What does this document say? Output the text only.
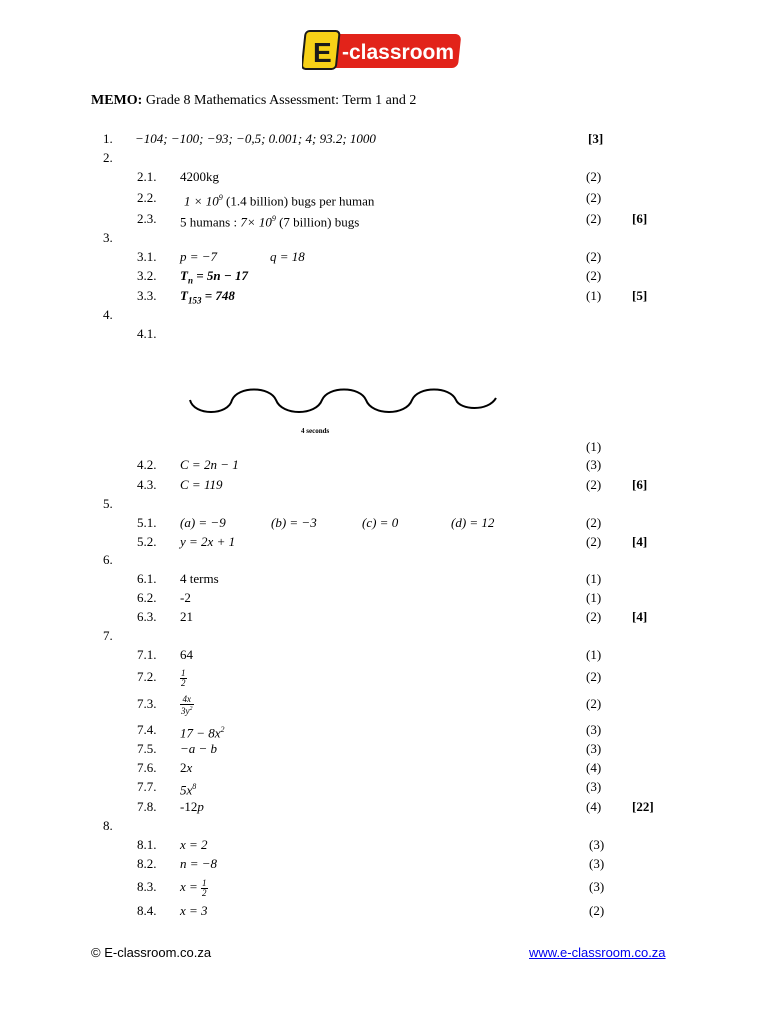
E -classroom
MEMO: Grade 8 Mathematics Assessment: Term 1 and 2
1. −104; −100; −93; −0,5; 0.001; 4; 93.2; 1000	[3]
2.
2.1. 4200kg	(2)
2.2. $1 \times 10^9$ (1.4 billion) bugs per human	(2)
2.3. 5 humans : $7\times 10^9$ (7 billion) bugs	(2) [6]
3.
3.1. p = −7	q = 18	(2)
3.2. $T_n = 5n - 17$	(2)
3.3. $T_{153} = 748$	(1) [5]
4.
4.1.
4 seconds
(1)
4.2. C = 2n − 1	(3)
4.3. C = 119	(2) [6]
5.
5.1. (a) = −9	(b) = −3	(c) = 0	(d) = 12	(2)
5.2. y = 2x + 1	(2) [4]
6.
6.1. 4 terms	(1)
6.2. -2	(1)
6.3. 21	(2) [4]
7.
7.1. 64	(1)
7.2.	$\frac{1}{2}$	(2)
7.3.	$\frac{4x}{3y^2}$	(2)
7.4. $17 - 8x^2$	(3)
7.5. −a − b	(3)
7.6. 2x	(4)
7.7. $5x^8$	(3)
7.8. -12p	(4) [22]
8.
8.1. x = 2	(3)
8.2. n = −8	(3)
8.3. $x = \frac{1}{2}$	(3)
8.4. x = 3	(2)
© E-classroom.co.za	www.e-classroom.co.za
